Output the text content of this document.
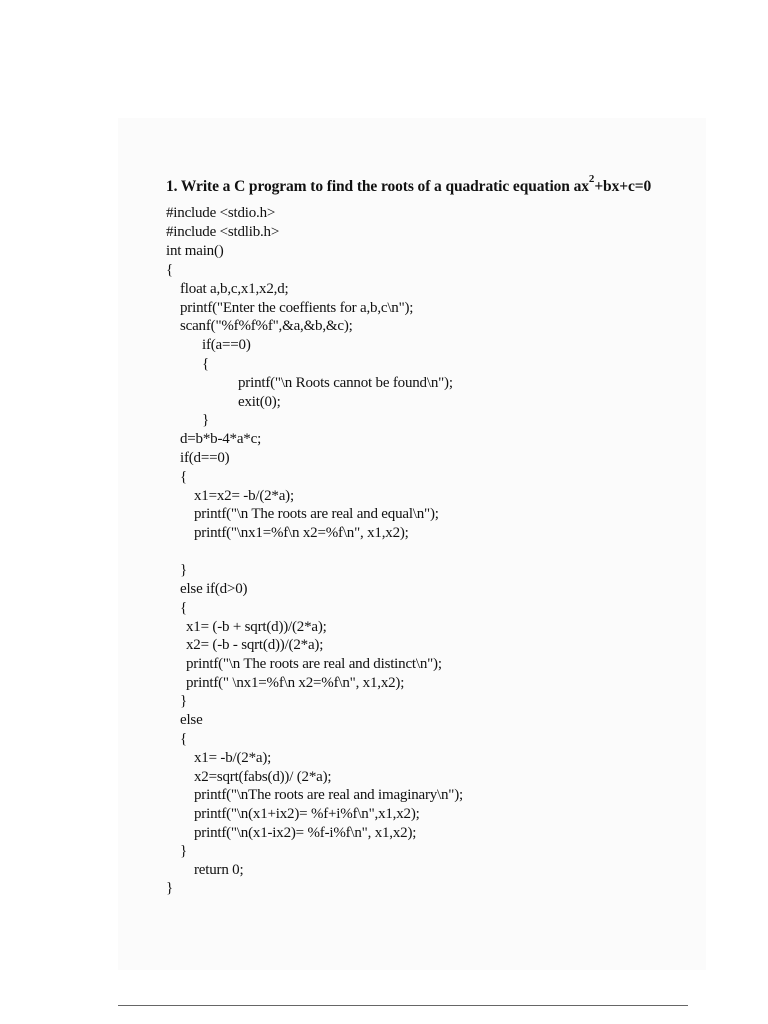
1. Write a C program to find the roots of a quadratic equation $ax^2+bx+c=0$
#include <stdio.h>
#include <stdlib.h>
int main()
{
float a,b,c,x1,x2,d;
printf("Enter the coeffients for a,b,c\n");
scanf("%f%f%f",&a,&b,&c);
if(a==0)
{
printf("\n Roots cannot be found\n");
exit(0);
}
d=b*b-4*a*c;
if(d==0)
{
x1=x2= -b/(2*a);
printf("\n The roots are real and equal\n");
printf("\nx1=%f\n x2=%f\n", x1,x2);
}
else if(d>0)
{
x1= (-b + sqrt(d))/(2*a);
x2= (-b - sqrt(d))/(2*a);
printf("\n The roots are real and distinct\n");
printf(" \nx1=%f\n x2=%f\n", x1,x2);
}
else
{
x1= -b/(2*a);
x2=sqrt(fabs(d))/ (2*a);
printf("\nThe roots are real and imaginary\n");
printf("\n(x1+ix2)= %f+i%f\n",x1,x2);
printf("\n(x1-ix2)= %f-i%f\n", x1,x2);
}
return 0;
}
